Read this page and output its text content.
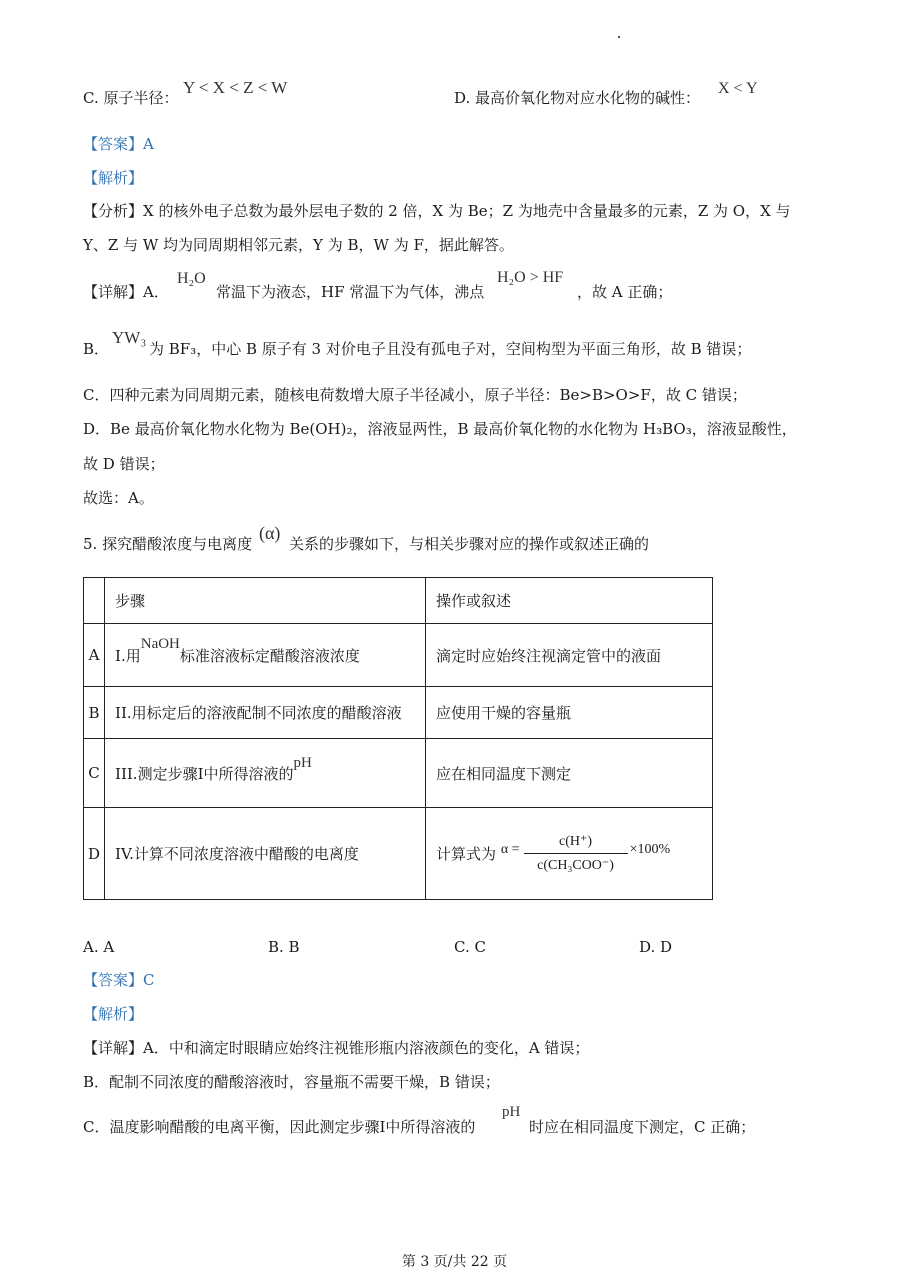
C. 原子半径：
Y < X < Z < W
D. 最高价氧化物对应水化物的碱性：
X < Y
【答案】A
【解析】
【分析】X 的核外电子总数为最外层电子数的 2 倍，X 为 Be；Z 为地壳中含量最多的元素，Z 为 O，X 与
Y、Z 与 W 均为同周期相邻元素，Y 为 B，W 为 F，据此解答。
【详解】A．
H₂O
常温下为液态，HF 常温下为气体，沸点
H₂O > HF
，故 A 正确；
B．
YW₃
为 BF₃，中心 B 原子有 3 对价电子且没有孤电子对，空间构型为平面三角形，故 B 错误；
C．四种元素为同周期元素，随核电荷数增大原子半径减小，原子半径：Be>B>O>F，故 C 错误；
D．Be 最高价氧化物水化物为 Be(OH)₂，溶液显两性，B 最高价氧化物的水化物为 H₃BO₃，溶液显酸性，
故 D 错误；
故选：A。
5. 探究醋酸浓度与电离度
(α)
关系的步骤如下，与相关步骤对应的操作或叙述正确的
	步骤	操作或叙述
A	I.用NaOH标准溶液标定醋酸溶液浓度	滴定时应始终注视滴定管中的液面
B	II.用标定后的溶液配制不同浓度的醋酸溶液	应使用干燥的容量瓶
C	III.测定步骤I中所得溶液的pH	应在相同温度下测定
D	IV.计算不同浓度溶液中醋酸的电离度	计算式为 α = c(H⁺)
c(CH₃COO⁻)
×100%
A. A	B. B	C. C	D. D
【答案】C
【解析】
【详解】A．中和滴定时眼睛应始终注视锥形瓶内溶液颜色的变化，A 错误；
B．配制不同浓度的醋酸溶液时，容量瓶不需要干燥，B 错误；
C．温度影响醋酸的电离平衡，因此测定步骤I中所得溶液的
pH
时应在相同温度下测定，C 正确；
第 3 页/共 22 页
